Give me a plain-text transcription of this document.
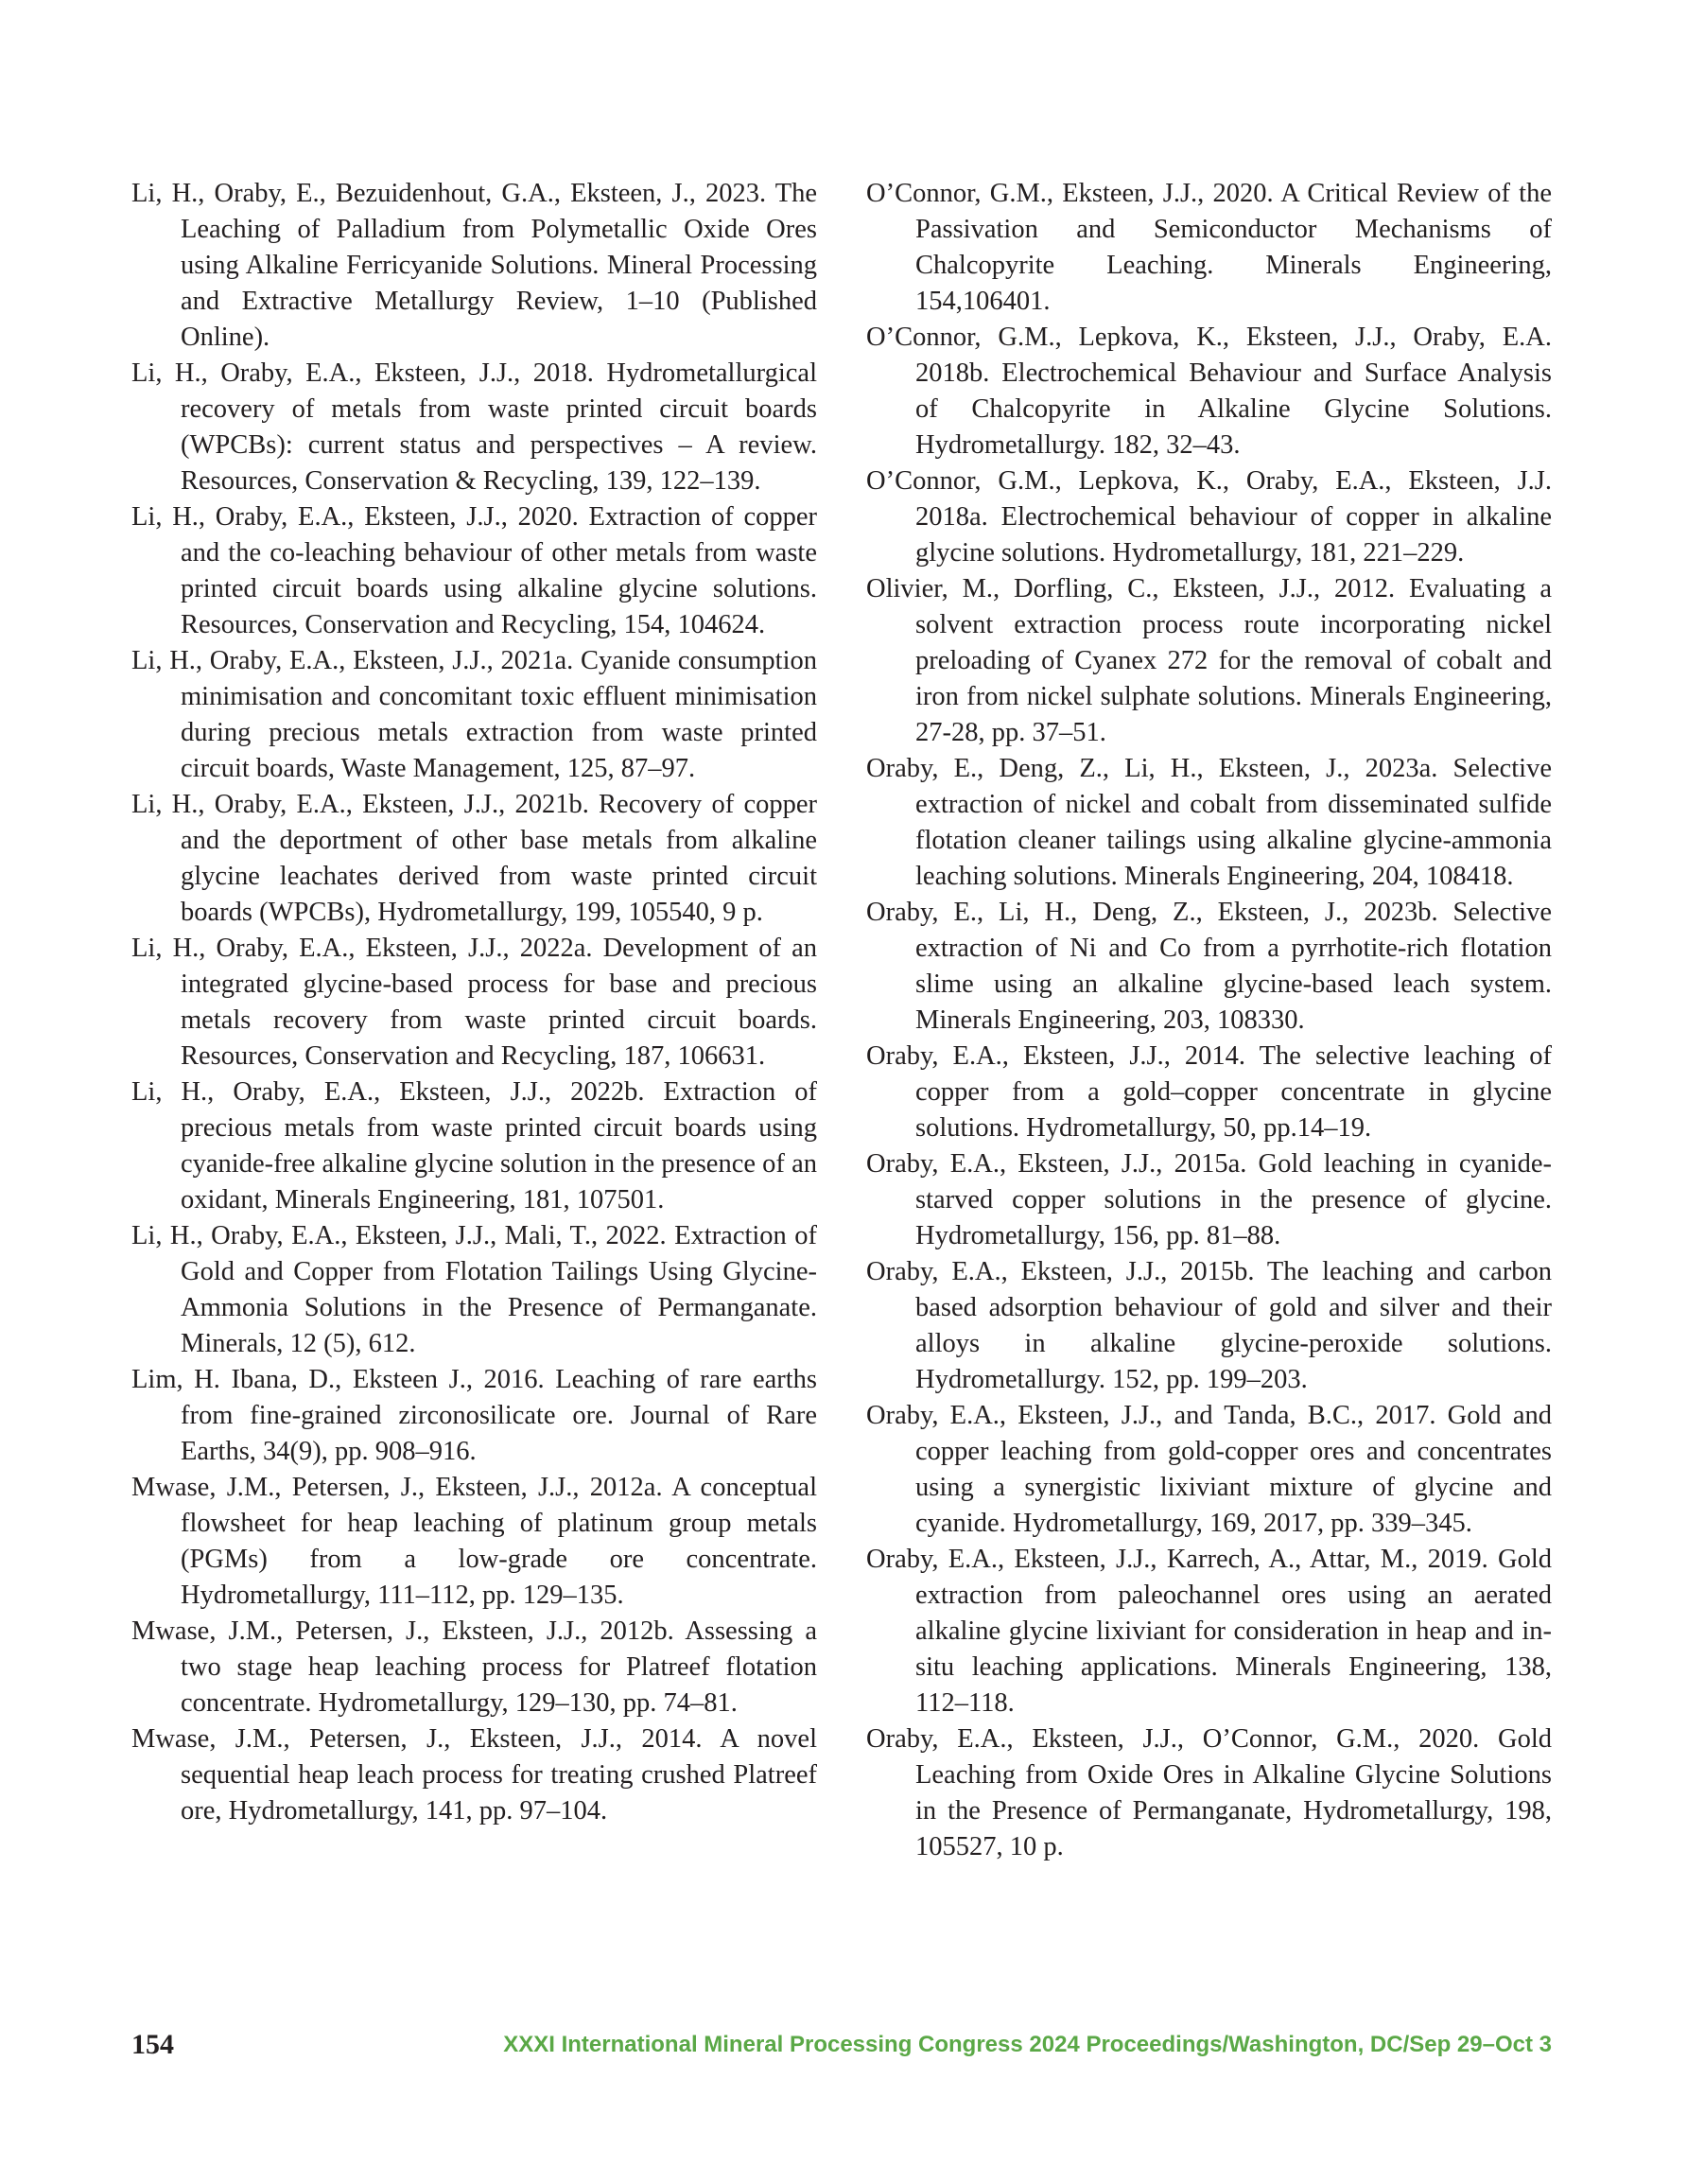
Li, H., Oraby, E., Bezuidenhout, G.A., Eksteen, J., 2023. The Leaching of Palladium from Polymetallic Oxide Ores using Alkaline Ferricyanide Solutions. Mineral Processing and Extractive Metallurgy Review, 1–10 (Published Online).

Li, H., Oraby, E.A., Eksteen, J.J., 2018. Hydrometallurgical recovery of metals from waste printed circuit boards (WPCBs): current status and perspectives – A review. Resources, Conservation & Recycling, 139, 122–139.

Li, H., Oraby, E.A., Eksteen, J.J., 2020. Extraction of copper and the co-leaching behaviour of other metals from waste printed circuit boards using alkaline glycine solutions. Resources, Conservation and Recycling, 154, 104624.

Li, H., Oraby, E.A., Eksteen, J.J., 2021a. Cyanide consumption minimisation and concomitant toxic effluent minimisation during precious metals extraction from waste printed circuit boards, Waste Management, 125, 87–97.

Li, H., Oraby, E.A., Eksteen, J.J., 2021b. Recovery of copper and the deportment of other base metals from alkaline glycine leachates derived from waste printed circuit boards (WPCBs), Hydrometallurgy, 199, 105540, 9 p.

Li, H., Oraby, E.A., Eksteen, J.J., 2022a. Development of an integrated glycine-based process for base and precious metals recovery from waste printed circuit boards. Resources, Conservation and Recycling, 187, 106631.

Li, H., Oraby, E.A., Eksteen, J.J., 2022b. Extraction of precious metals from waste printed circuit boards using cyanide-free alkaline glycine solution in the presence of an oxidant, Minerals Engineering, 181, 107501.

Li, H., Oraby, E.A., Eksteen, J.J., Mali, T., 2022. Extraction of Gold and Copper from Flotation Tailings Using Glycine-Ammonia Solutions in the Presence of Permanganate. Minerals, 12 (5), 612.

Lim, H. Ibana, D., Eksteen J., 2016. Leaching of rare earths from fine-grained zirconosilicate ore. Journal of Rare Earths, 34(9), pp. 908–916.

Mwase, J.M., Petersen, J., Eksteen, J.J., 2012a. A conceptual flowsheet for heap leaching of platinum group metals (PGMs) from a low-grade ore concentrate. Hydrometallurgy, 111–112, pp. 129–135.

Mwase, J.M., Petersen, J., Eksteen, J.J., 2012b. Assessing a two stage heap leaching process for Platreef flotation concentrate. Hydrometallurgy, 129–130, pp. 74–81.

Mwase, J.M., Petersen, J., Eksteen, J.J., 2014. A novel sequential heap leach process for treating crushed Platreef ore, Hydrometallurgy, 141, pp. 97–104.

O’Connor, G.M., Eksteen, J.J., 2020. A Critical Review of the Passivation and Semiconductor Mechanisms of Chalcopyrite Leaching. Minerals Engineering, 154,106401.

O’Connor, G.M., Lepkova, K., Eksteen, J.J., Oraby, E.A. 2018b. Electrochemical Behaviour and Surface Analysis of Chalcopyrite in Alkaline Glycine Solutions. Hydrometallurgy. 182, 32–43.

O’Connor, G.M., Lepkova, K., Oraby, E.A., Eksteen, J.J. 2018a. Electrochemical behaviour of copper in alkaline glycine solutions. Hydrometallurgy, 181, 221–229.

Olivier, M., Dorfling, C., Eksteen, J.J., 2012. Evaluating a solvent extraction process route incorporating nickel preloading of Cyanex 272 for the removal of cobalt and iron from nickel sulphate solutions. Minerals Engineering, 27-28, pp. 37–51.

Oraby, E., Deng, Z., Li, H., Eksteen, J., 2023a. Selective extraction of nickel and cobalt from disseminated sulfide flotation cleaner tailings using alkaline glycine-ammonia leaching solutions. Minerals Engineering, 204, 108418.

Oraby, E., Li, H., Deng, Z., Eksteen, J., 2023b. Selective extraction of Ni and Co from a pyrrhotite-rich flotation slime using an alkaline glycine-based leach system. Minerals Engineering, 203, 108330.

Oraby, E.A., Eksteen, J.J., 2014. The selective leaching of copper from a gold–copper concentrate in glycine solutions. Hydrometallurgy, 50, pp.14–19.

Oraby, E.A., Eksteen, J.J., 2015a. Gold leaching in cyanide-starved copper solutions in the presence of glycine. Hydrometallurgy, 156, pp. 81–88.

Oraby, E.A., Eksteen, J.J., 2015b. The leaching and carbon based adsorption behaviour of gold and silver and their alloys in alkaline glycine-peroxide solutions. Hydrometallurgy. 152, pp. 199–203.

Oraby, E.A., Eksteen, J.J., and Tanda, B.C., 2017. Gold and copper leaching from gold-copper ores and concentrates using a synergistic lixiviant mixture of glycine and cyanide. Hydrometallurgy, 169, 2017, pp. 339–345.

Oraby, E.A., Eksteen, J.J., Karrech, A., Attar, M., 2019. Gold extraction from paleochannel ores using an aerated alkaline glycine lixiviant for consideration in heap and in-situ leaching applications. Minerals Engineering, 138, 112–118.

Oraby, E.A., Eksteen, J.J., O’Connor, G.M., 2020. Gold Leaching from Oxide Ores in Alkaline Glycine Solutions in the Presence of Permanganate, Hydrometallurgy, 198, 105527, 10 p.

154	XXXI International Mineral Processing Congress 2024 Proceedings/Washington, DC/Sep 29–Oct 3
